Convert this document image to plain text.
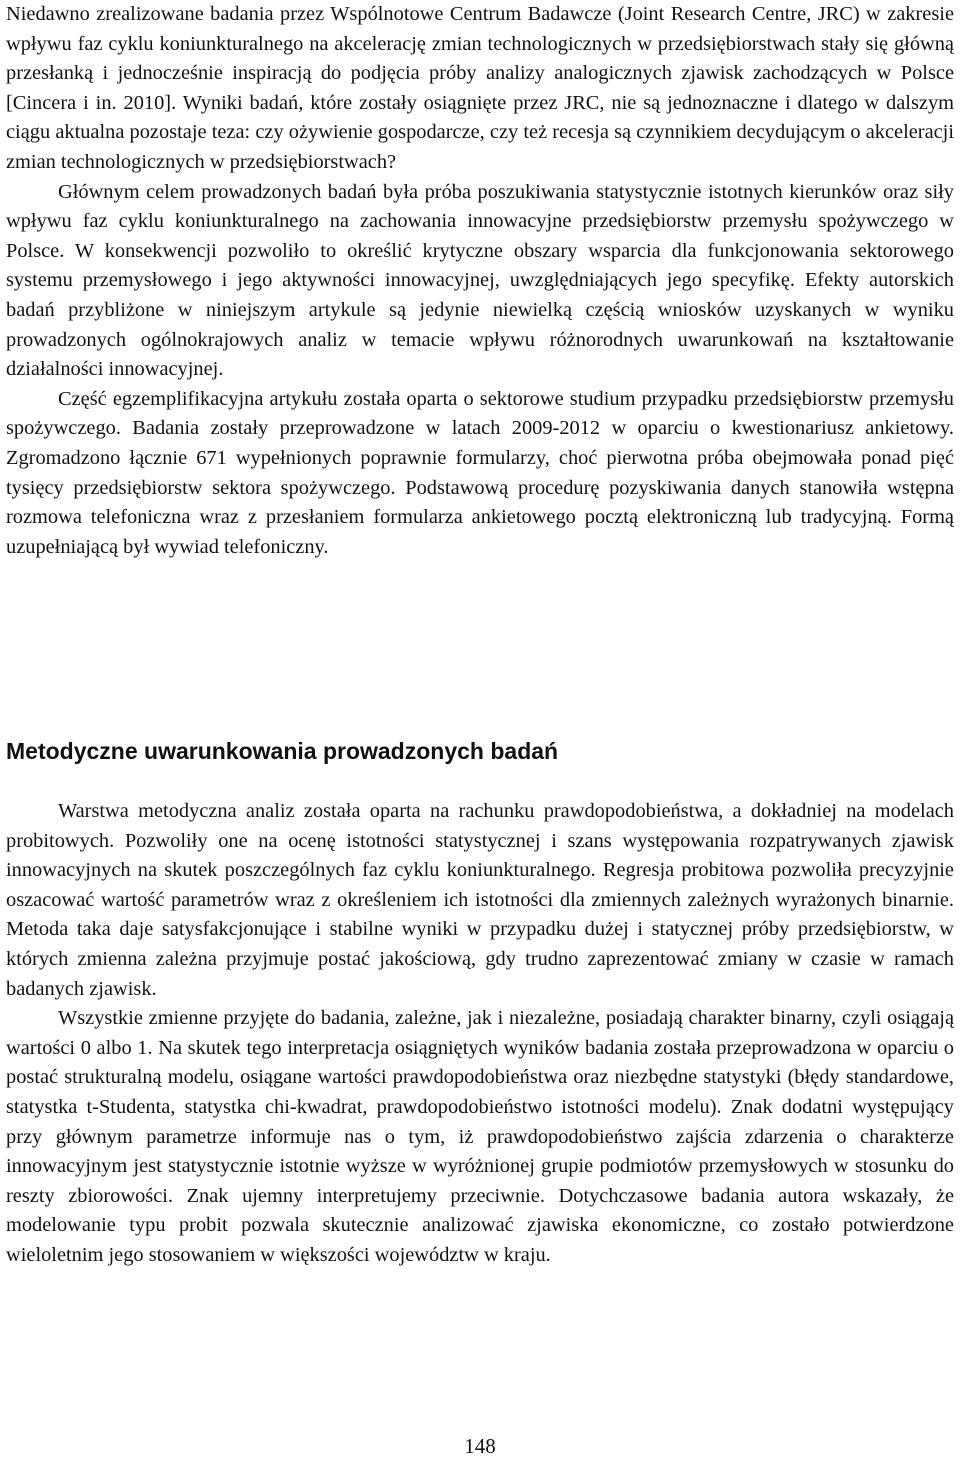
Niedawno zrealizowane badania przez Wspólnotowe Centrum Badawcze (Joint Research Centre, JRC) w zakresie wpływu faz cyklu koniunkturalnego na akcelerację zmian technologicznych w przedsiębiorstwach stały się główną przesłanką i jednocześnie inspiracją do podjęcia próby analizy analogicznych zjawisk zachodzących w Polsce [Cincera i in. 2010]. Wyniki badań, które zostały osiągnięte przez JRC, nie są jednoznaczne i dlatego w dalszym ciągu aktualna pozostaje teza: czy ożywienie gospodarcze, czy też recesja są czynnikiem decydującym o akceleracji zmian technologicznych w przedsiębiorstwach?

Głównym celem prowadzonych badań była próba poszukiwania statystycznie istotnych kierunków oraz siły wpływu faz cyklu koniunkturalnego na zachowania innowacyjne przedsiębiorstw przemysłu spożywczego w Polsce. W konsekwencji pozwoliło to określić krytyczne obszary wsparcia dla funkcjonowania sektorowego systemu przemysłowego i jego aktywności innowacyjnej, uwzględniających jego specyfikę. Efekty autorskich badań przybliżone w niniejszym artykule są jedynie niewielką częścią wniosków uzyskanych w wyniku prowadzonych ogólnokrajowych analiz w temacie wpływu różnorodnych uwarunkowań na kształtowanie działalności innowacyjnej.

Część egzemplifikacyjna artykułu została oparta o sektorowe studium przypadku przedsiębiorstw przemysłu spożywczego. Badania zostały przeprowadzone w latach 2009-2012 w oparciu o kwestionariusz ankietowy. Zgromadzono łącznie 671 wypełnionych poprawnie formularzy, choć pierwotna próba obejmowała ponad pięć tysięcy przedsiębiorstw sektora spożywczego. Podstawową procedurę pozyskiwania danych stanowiła wstępna rozmowa telefoniczna wraz z przesłaniem formularza ankietowego pocztą elektroniczną lub tradycyjną. Formą uzupełniającą był wywiad telefoniczny.

Metodyczne uwarunkowania prowadzonych badań

Warstwa metodyczna analiz została oparta na rachunku prawdopodobieństwa, a dokładniej na modelach probitowych. Pozwoliły one na ocenę istotności statystycznej i szans występowania rozpatrywanych zjawisk innowacyjnych na skutek poszczególnych faz cyklu koniunkturalnego. Regresja probitowa pozwoliła precyzyjnie oszacować wartość parametrów wraz z określeniem ich istotności dla zmiennych zależnych wyrażonych binarnie. Metoda taka daje satysfakcjonujące i stabilne wyniki w przypadku dużej i statycznej próby przedsiębiorstw, w których zmienna zależna przyjmuje postać jakościową, gdy trudno zaprezentować zmiany w czasie w ramach badanych zjawisk.

Wszystkie zmienne przyjęte do badania, zależne, jak i niezależne, posiadają charakter binarny, czyli osiągają wartości 0 albo 1. Na skutek tego interpretacja osiągniętych wyników badania została przeprowadzona w oparciu o postać strukturalną modelu, osiągane wartości prawdopodobieństwa oraz niezbędne statystyki (błędy standardowe, statystka t-Studenta, statystka chi-kwadrat, prawdopodobieństwo istotności modelu). Znak dodatni występujący przy głównym parametrze informuje nas o tym, iż prawdopodobieństwo zajścia zdarzenia o charakterze innowacyjnym jest statystycznie istotnie wyższe w wyróżnionej grupie podmiotów przemysłowych w stosunku do reszty zbiorowości. Znak ujemny interpretujemy przeciwnie. Dotychczasowe badania autora wskazały, że modelowanie typu probit pozwala skutecznie analizować zjawiska ekonomiczne, co zostało potwierdzone wieloletnim jego stosowaniem w większości województw w kraju.

148
